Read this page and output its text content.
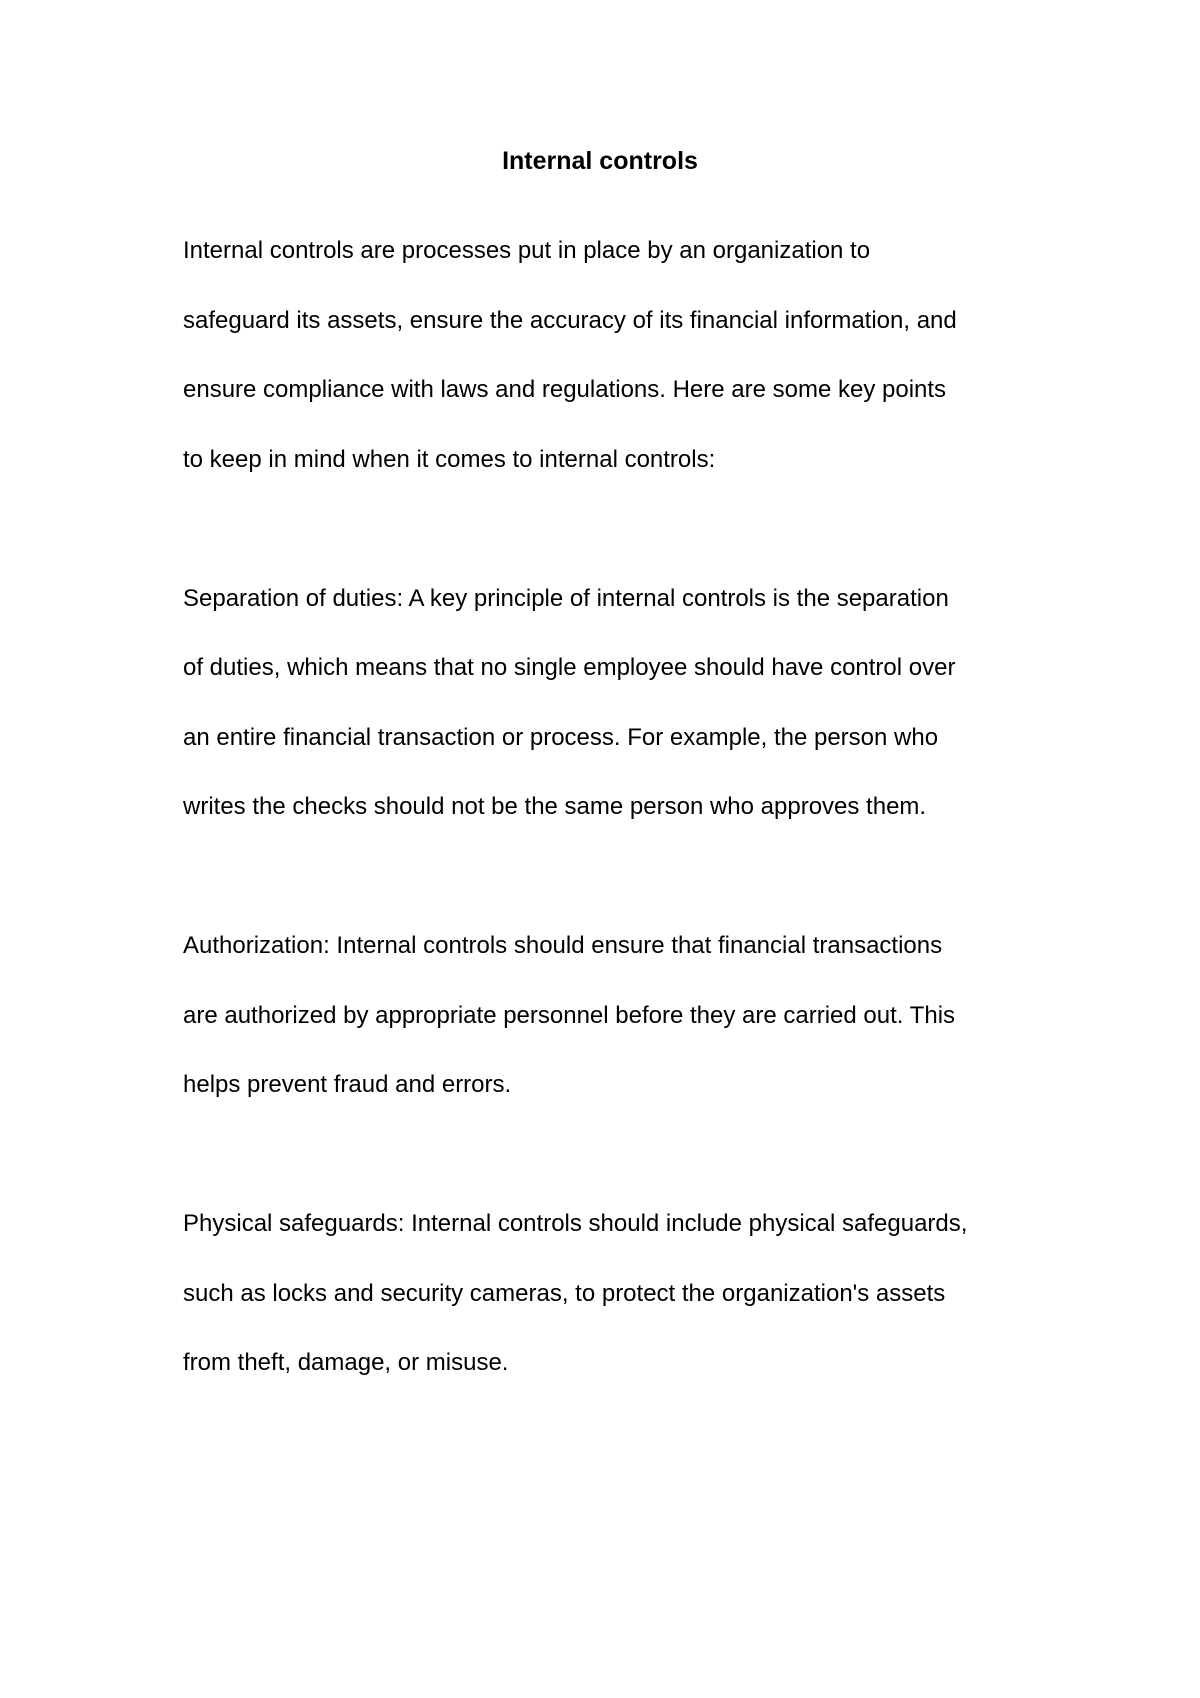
Internal controls

Internal controls are processes put in place by an organization to
safeguard its assets, ensure the accuracy of its financial information, and
ensure compliance with laws and regulations. Here are some key points
to keep in mind when it comes to internal controls:

Separation of duties: A key principle of internal controls is the separation
of duties, which means that no single employee should have control over
an entire financial transaction or process. For example, the person who
writes the checks should not be the same person who approves them.

Authorization: Internal controls should ensure that financial transactions
are authorized by appropriate personnel before they are carried out. This
helps prevent fraud and errors.

Physical safeguards: Internal controls should include physical safeguards,
such as locks and security cameras, to protect the organization's assets
from theft, damage, or misuse.
